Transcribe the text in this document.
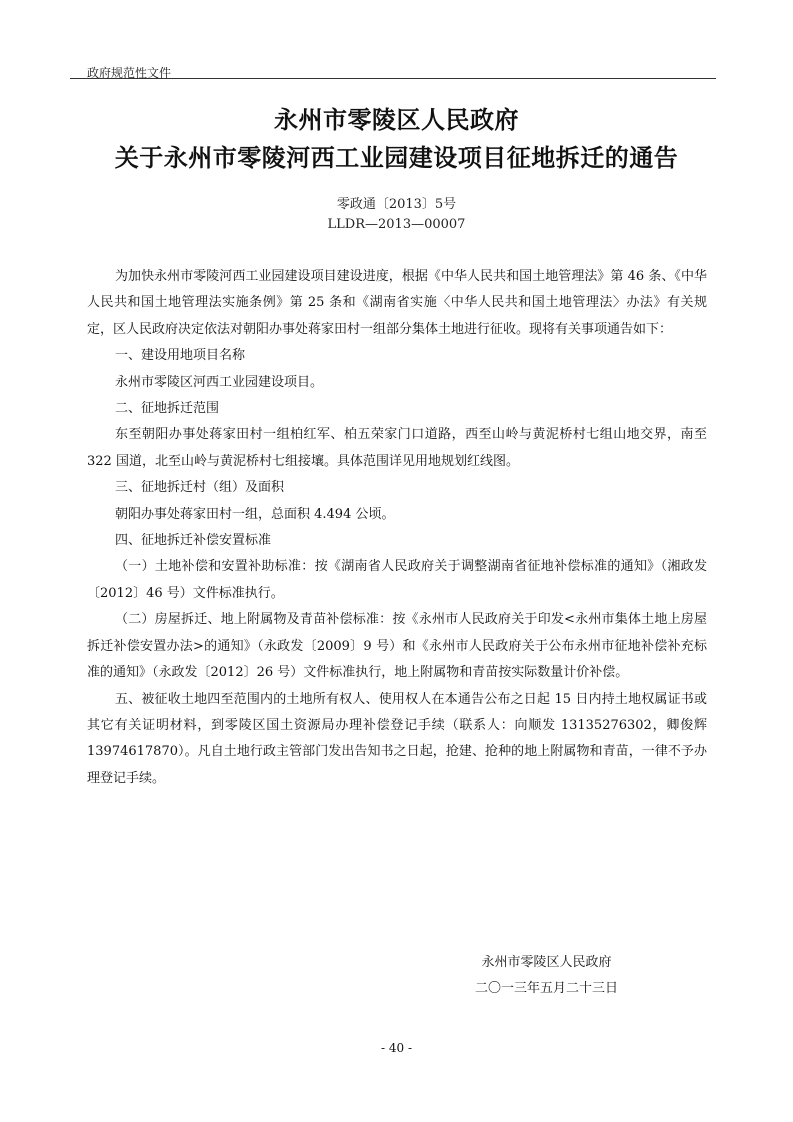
政府规范性文件
永州市零陵区人民政府
关于永州市零陵河西工业园建设项目征地拆迁的通告
零政通〔2013〕5号
LLDR—2013—00007

为加快永州市零陵河西工业园建设项目建设进度，根据《中华人民共和国土地管理法》第 46 条、《中华人民共和国土地管理法实施条例》第 25 条和《湖南省实施〈中华人民共和国土地管理法〉办法》有关规定，区人民政府决定依法对朝阳办事处蒋家田村一组部分集体土地进行征收。现将有关事项通告如下：

一、建设用地项目名称

永州市零陵区河西工业园建设项目。

二、征地拆迁范围

东至朝阳办事处蒋家田村一组柏红军、柏五荣家门口道路，西至山岭与黄泥桥村七组山地交界，南至 322 国道，北至山岭与黄泥桥村七组接壤。具体范围详见用地规划红线图。

三、征地拆迁村（组）及面积

朝阳办事处蒋家田村一组，总面积 4.494 公顷。

四、征地拆迁补偿安置标准

（一）土地补偿和安置补助标准：按《湖南省人民政府关于调整湖南省征地补偿标准的通知》（湘政发〔2012〕46 号）文件标准执行。

（二）房屋拆迁、地上附属物及青苗补偿标准：按《永州市人民政府关于印发<永州市集体土地上房屋拆迁补偿安置办法>的通知》（永政发〔2009〕9 号）和《永州市人民政府关于公布永州市征地补偿补充标准的通知》（永政发〔2012〕26 号）文件标准执行，地上附属物和青苗按实际数量计价补偿。

五、被征收土地四至范围内的土地所有权人、使用权人在本通告公布之日起 15 日内持土地权属证书或其它有关证明材料，到零陵区国土资源局办理补偿登记手续（联系人：向顺发 13135276302，卿俊辉 13974617870）。凡自土地行政主管部门发出告知书之日起，抢建、抢种的地上附属物和青苗，一律不予办理登记手续。

永州市零陵区人民政府
二〇一三年五月二十三日
- 40 -
